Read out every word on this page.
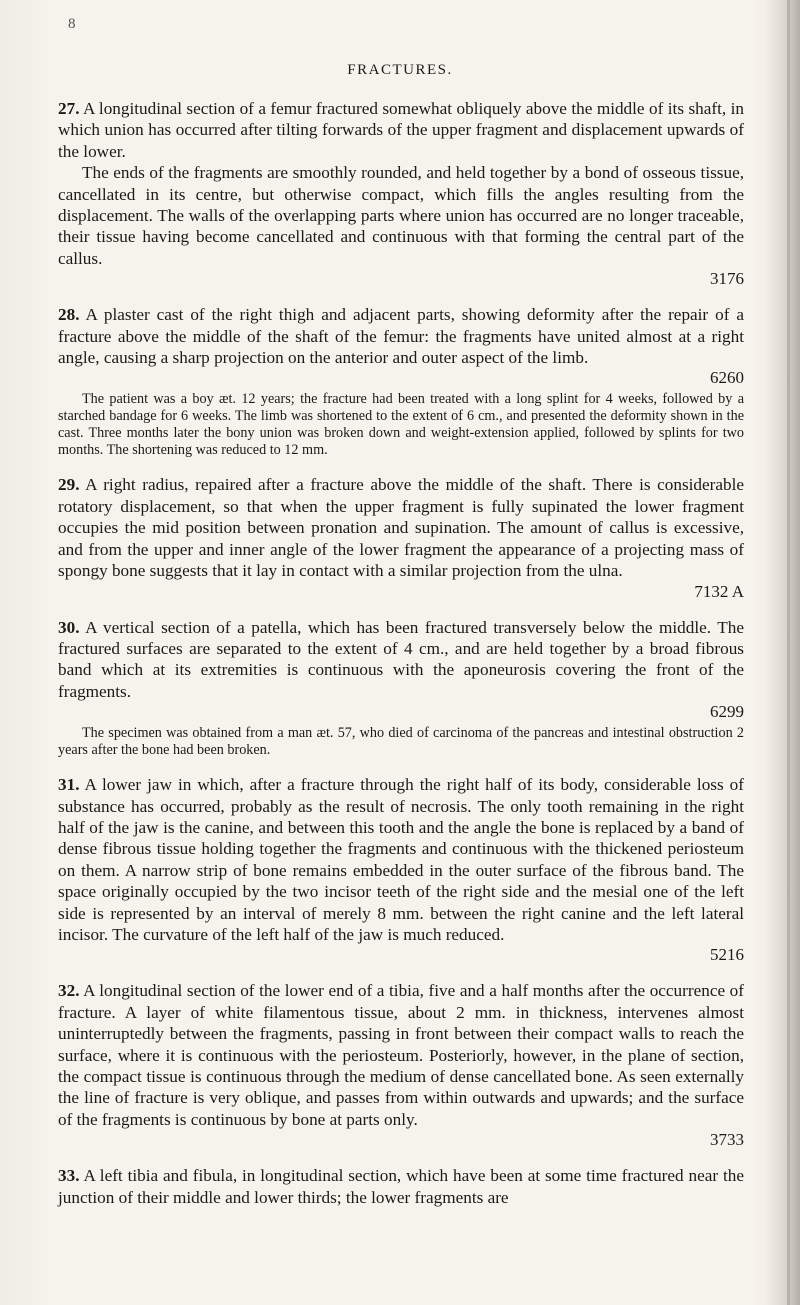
8
FRACTURES.

27. A longitudinal section of a femur fractured somewhat obliquely above the middle of its shaft, in which union has occurred after tilting forwards of the upper fragment and displacement upwards of the lower.

The ends of the fragments are smoothly rounded, and held together by a bond of osseous tissue, cancellated in its centre, but otherwise compact, which fills the angles resulting from the displacement. The walls of the overlapping parts where union has occurred are no longer traceable, their tissue having become cancellated and continuous with that forming the central part of the callus.

3176

28. A plaster cast of the right thigh and adjacent parts, showing deformity after the repair of a fracture above the middle of the shaft of the femur: the fragments have united almost at a right angle, causing a sharp projection on the anterior and outer aspect of the limb.

6260

The patient was a boy æt. 12 years; the fracture had been treated with a long splint for 4 weeks, followed by a starched bandage for 6 weeks. The limb was shortened to the extent of 6 cm., and presented the deformity shown in the cast. Three months later the bony union was broken down and weight-extension applied, followed by splints for two months. The shortening was reduced to 12 mm.

29. A right radius, repaired after a fracture above the middle of the shaft. There is considerable rotatory displacement, so that when the upper fragment is fully supinated the lower fragment occupies the mid position between pronation and supination. The amount of callus is excessive, and from the upper and inner angle of the lower fragment the appearance of a projecting mass of spongy bone suggests that it lay in contact with a similar projection from the ulna.

7132 A

30. A vertical section of a patella, which has been fractured transversely below the middle. The fractured surfaces are separated to the extent of 4 cm., and are held together by a broad fibrous band which at its extremities is continuous with the aponeurosis covering the front of the fragments.

6299

The specimen was obtained from a man æt. 57, who died of carcinoma of the pancreas and intestinal obstruction 2 years after the bone had been broken.

31. A lower jaw in which, after a fracture through the right half of its body, considerable loss of substance has occurred, probably as the result of necrosis. The only tooth remaining in the right half of the jaw is the canine, and between this tooth and the angle the bone is replaced by a band of dense fibrous tissue holding together the fragments and continuous with the thickened periosteum on them. A narrow strip of bone remains embedded in the outer surface of the fibrous band. The space originally occupied by the two incisor teeth of the right side and the mesial one of the left side is represented by an interval of merely 8 mm. between the right canine and the left lateral incisor. The curvature of the left half of the jaw is much reduced.

5216

32. A longitudinal section of the lower end of a tibia, five and a half months after the occurrence of fracture. A layer of white filamentous tissue, about 2 mm. in thickness, intervenes almost uninterruptedly between the fragments, passing in front between their compact walls to reach the surface, where it is continuous with the periosteum. Posteriorly, however, in the plane of section, the compact tissue is continuous through the medium of dense cancellated bone. As seen externally the line of fracture is very oblique, and passes from within outwards and upwards; and the surface of the fragments is continuous by bone at parts only.

3733

33. A left tibia and fibula, in longitudinal section, which have been at some time fractured near the junction of their middle and lower thirds; the lower fragments are
